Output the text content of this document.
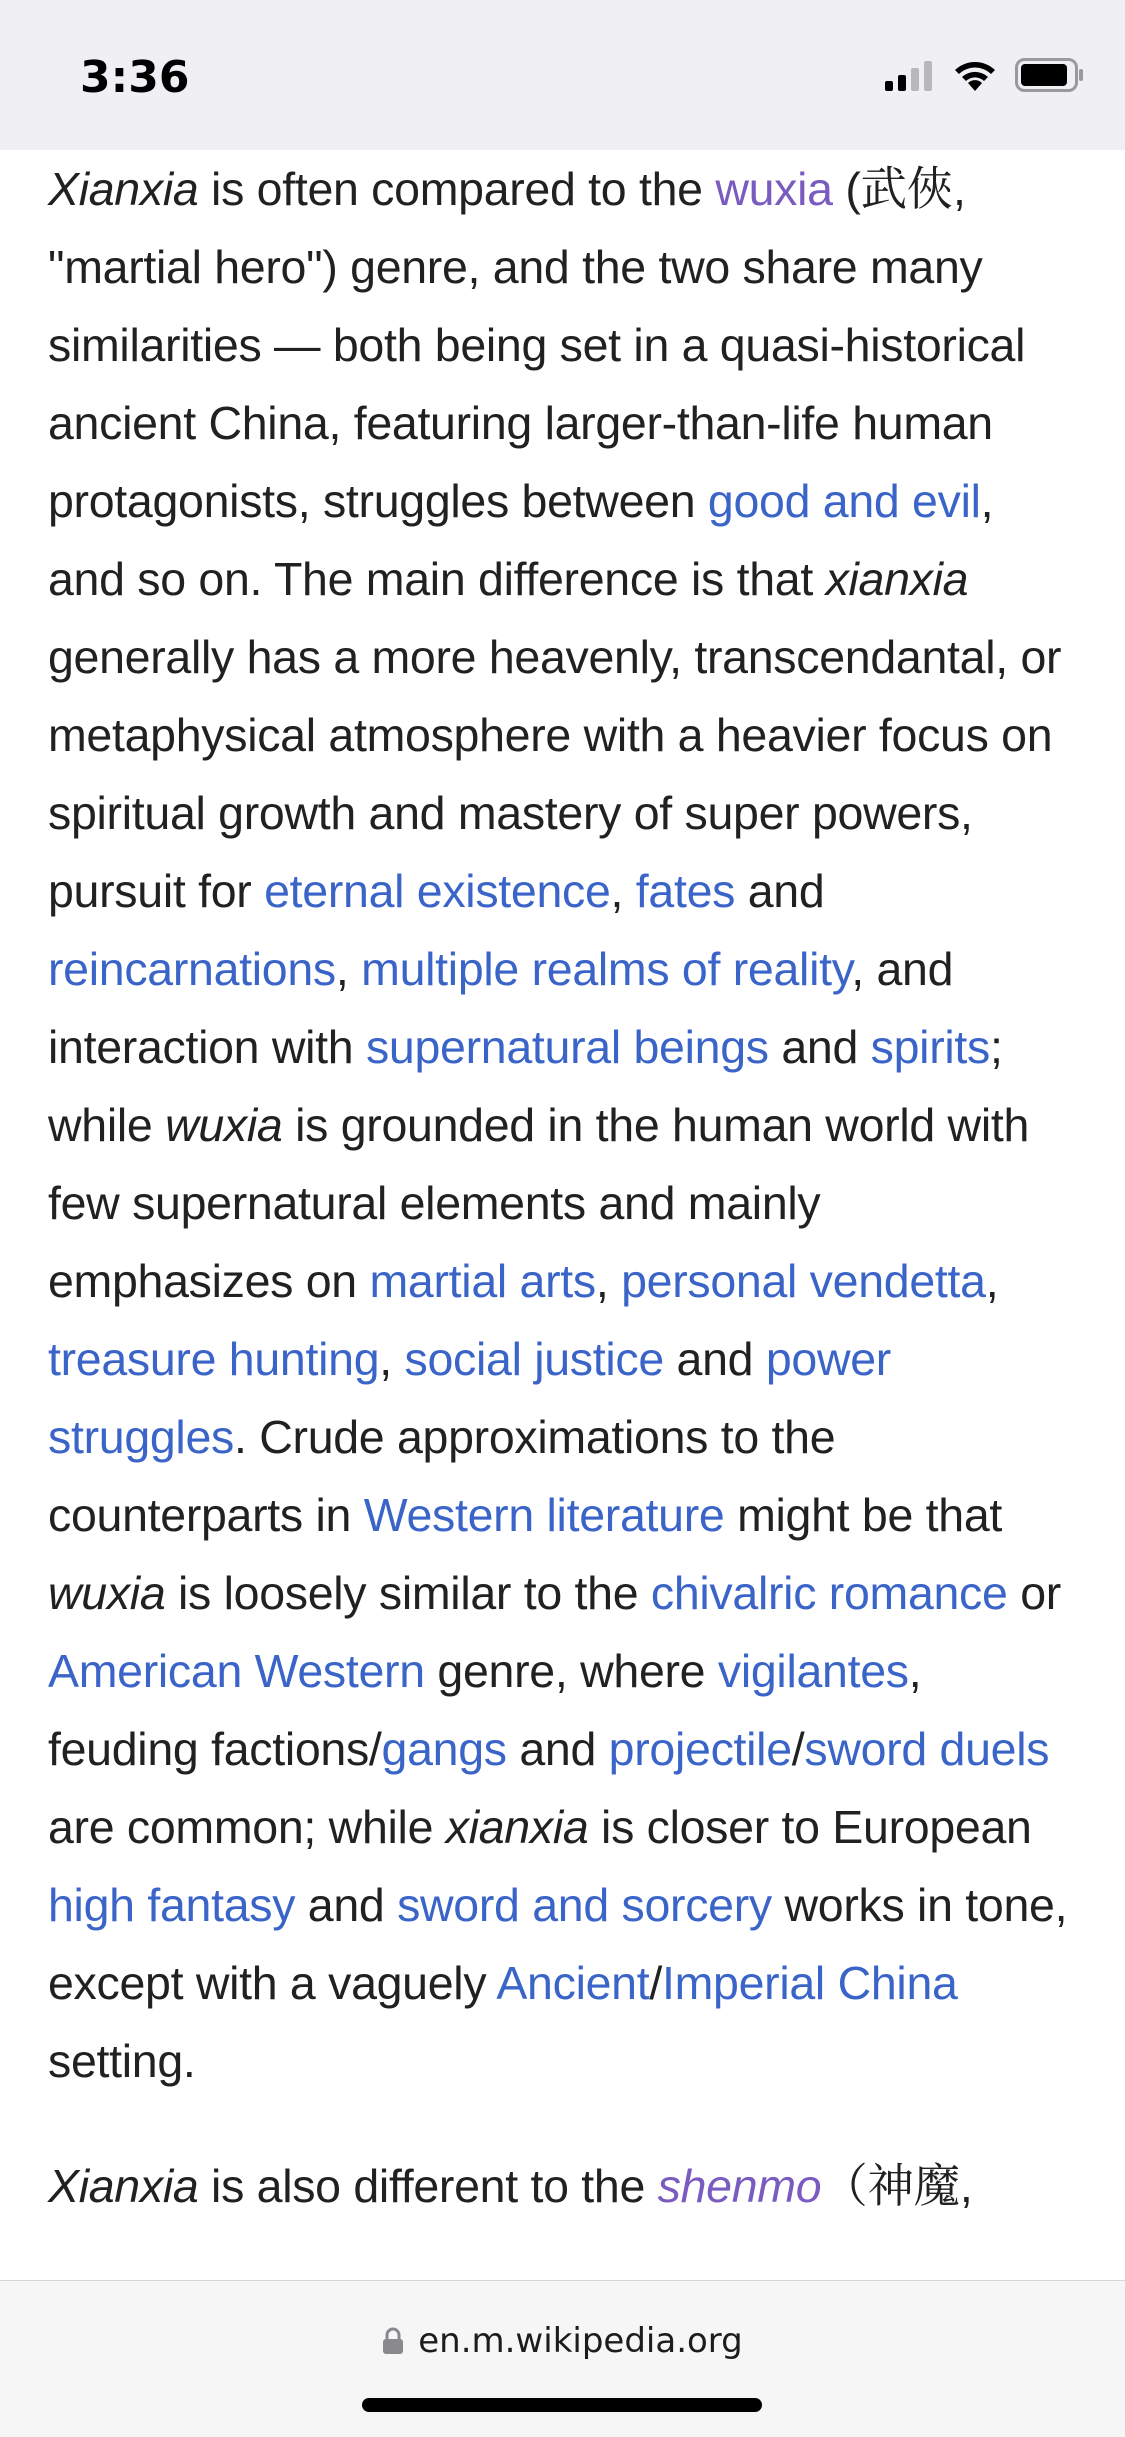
3:36

Xianxia is often compared to the wuxia (武俠, "martial hero") genre, and the two share many similarities — both being set in a quasi-historical ancient China, featuring larger-than-life human protagonists, struggles between good and evil, and so on. The main difference is that xianxia generally has a more heavenly, transcendantal, or metaphysical atmosphere with a heavier focus on spiritual growth and mastery of super powers, pursuit for eternal existence, fates and reincarnations, multiple realms of reality, and interaction with supernatural beings and spirits; while wuxia is grounded in the human world with few supernatural elements and mainly emphasizes on martial arts, personal vendetta, treasure hunting, social justice and power struggles. Crude approximations to the counterparts in Western literature might be that wuxia is loosely similar to the chivalric romance or American Western genre, where vigilantes, feuding factions/gangs and projectile/sword duels are common; while xianxia is closer to European high fantasy and sword and sorcery works in tone, except with a vaguely Ancient/Imperial China setting.

Xianxia is also different to the shenmo（神魔,

en.m.wikipedia.org
